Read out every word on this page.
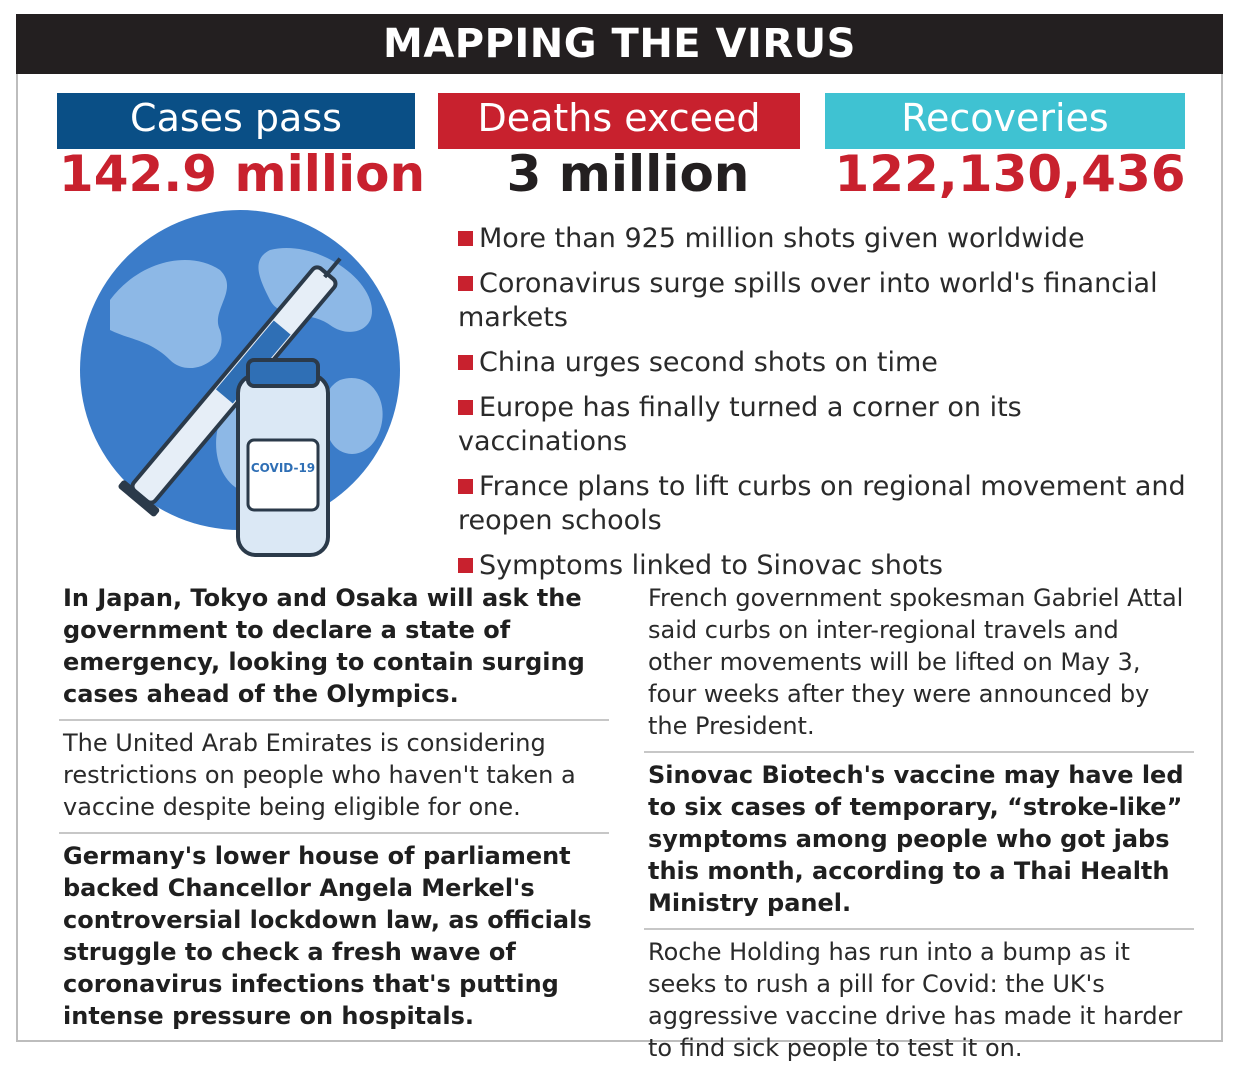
MAPPING THE VIRUS
Cases pass	Deaths exceed	Recoveries
142.9 million	3 million	122,130,436
COVID-19
More than 925 million shots given worldwide
Coronavirus surge spills over into world's financial markets
China urges second shots on time
Europe has finally turned a corner on its vaccinations
France plans to lift curbs on regional movement and reopen schools
Symptoms linked to Sinovac shots
In Japan, Tokyo and Osaka will ask the government to declare a state of emergency, looking to contain surging cases ahead of the Olympics.
The United Arab Emirates is considering restrictions on people who haven't taken a vaccine despite being eligible for one.
Germany's lower house of parliament backed Chancellor Angela Merkel's controversial lockdown law, as officials struggle to check a fresh wave of coronavirus infections that's putting intense pressure on hospitals.
French government spokesman Gabriel Attal said curbs on inter-regional travels and other movements will be lifted on May 3, four weeks after they were announced by the President.
Sinovac Biotech's vaccine may have led to six cases of temporary, “stroke-like” symptoms among people who got jabs this month, according to a Thai Health Ministry panel.
Roche Holding has run into a bump as it seeks to rush a pill for Covid: the UK's aggressive vaccine drive has made it harder to find sick people to test it on.
